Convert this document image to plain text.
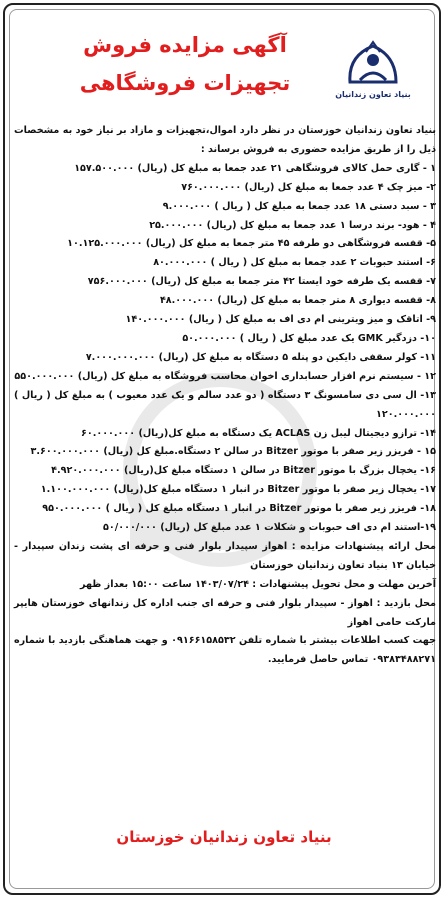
بنیاد تعاون زندانیان
آگهی مزایده فروش
تجهیزات فروشگاهی

بنیاد تعاون زندانیان خوزستان در نظر دارد اموال،تجهیزات و مازاد بر نیاز خود به مشخصات ذیل را از طریق مزایده حضوری به فروش برساند :

۱ - گاری حمل کالای فروشگاهی ۲۱ عدد جمعا به مبلغ کل (ریال) ۱۵۷.۵۰۰.۰۰۰

۲- میز چک ۴ عدد جمعا به مبلغ کل (ریال) ۷۶۰.۰۰۰.۰۰۰

۳ - سبد دستی ۱۸ عدد جمعا به مبلغ کل ( ریال ) ۹.۰۰۰.۰۰۰

۴ - هود- برند درسا ۱ عدد جمعا به مبلغ کل (ریال) ۲۵.۰۰۰.۰۰۰

۵- قفسه فروشگاهی دو طرفه ۴۵ متر جمعا به مبلغ کل (ریال) ۱۰.۱۲۵.۰۰۰.۰۰۰

۶- استند حبوبات ۲ عدد جمعا به مبلغ کل ( ریال ) ۸۰.۰۰۰.۰۰۰

۷- قفسه یک طرفه خود ایستا ۴۲ متر جمعا به مبلغ کل (ریال) ۷۵۶.۰۰۰.۰۰۰

۸- قفسه دیواری ۸ متر جمعا به مبلغ کل (ریال) ۴۸.۰۰۰.۰۰۰

۹- اتاقک و میز ویترینی ام دی اف به مبلغ کل ( ریال) ۱۴۰.۰۰۰.۰۰۰

۱۰- دزدگیر GMK یک عدد مبلغ کل ( ریال ) ۵۰.۰۰۰.۰۰۰

۱۱- کولر سقفی دایکین دو پنله ۵ دستگاه به مبلغ کل (ریال) ۷.۰۰۰.۰۰۰.۰۰۰

۱۲ - سیستم نرم افزار حسابداری اخوان محاسب فروشگاه به مبلغ کل (ریال) ۵۵۰.۰۰۰.۰۰۰

۱۳- ال سی دی سامسونگ ۳ دستگاه ( دو عدد سالم و یک عدد معیوب ) به مبلغ کل ( ریال ) ۱۲۰.۰۰۰.۰۰۰

۱۴- ترازو دیجیتال لیبل زن ACLAS یک دستگاه به مبلغ کل(ریال) ۶۰.۰۰۰.۰۰۰

۱۵ - فریزر زیر صفر با موتور Bitzer در سالن ۲ دستگاه.مبلغ کل (ریال) ۳.۶۰۰.۰۰۰.۰۰۰

۱۶- یخچال بزرگ با موتور Bitzer در سالن ۱ دستگاه مبلغ کل(ریال) ۴.۹۲۰.۰۰۰.۰۰۰

۱۷- یخچال زیر صفر با موتور Bitzer در انبار ۱ دستگاه مبلغ کل(ریال) ۱.۱۰۰.۰۰۰.۰۰۰

۱۸- فریزر زیر صفر با موتور Bitzer در انبار ۱ دستگاه مبلغ کل ( ریال ) ۹۵۰.۰۰۰.۰۰۰

۱۹-استند ام دی اف حبوبات و شکلات ۱ عدد مبلغ کل (ریال) ۵۰/۰۰۰/۰۰۰

محل ارائه پیشنهادات مزایده : اهواز سپیدار بلوار فنی و حرفه ای پشت زندان سپیدار - خیابان ۱۳ بنیاد تعاون زندانیان خوزستان

آخرین مهلت و محل تحویل پیشنهادات : ۱۴۰۳/۰۷/۲۴ ساعت ۱۵:۰۰ بعداز ظهر

محل بازدید : اهواز - سپیدار بلوار فنی و حرفه ای جنب اداره کل زندانهای خوزستان هایپر مارکت حامی اهواز

جهت کسب اطلاعات بیشتر با شماره تلفن ۰۹۱۶۶۱۵۸۵۳۲ و جهت هماهنگی بازدید با شماره ۰۹۳۸۳۴۸۸۲۷۱ تماس حاصل فرمایید.

بنیاد تعاون زندانیان خوزستان
